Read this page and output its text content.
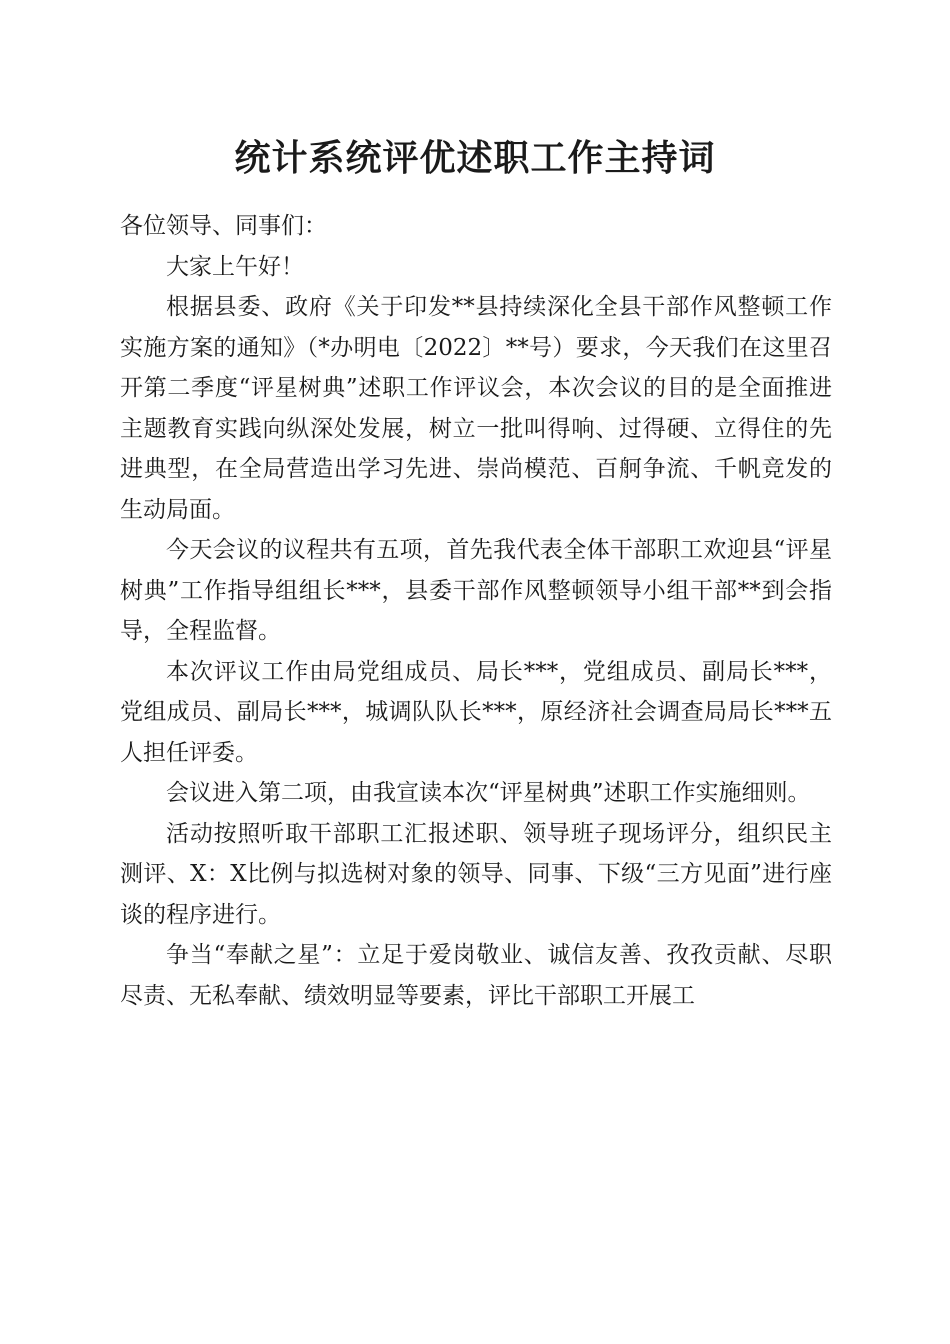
统计系统评优述职工作主持词

各位领导、同事们：

大家上午好！

根据县委、政府《关于印发**县持续深化全县干部作风整顿工作实施方案的通知》（*办明电〔2022〕**号）要求，今天我们在这里召开第二季度“评星树典”述职工作评议会，本次会议的目的是全面推进主题教育实践向纵深处发展，树立一批叫得响、过得硬、立得住的先进典型，在全局营造出学习先进、崇尚模范、百舸争流、千帆竞发的生动局面。

今天会议的议程共有五项，首先我代表全体干部职工欢迎县“评星树典”工作指导组组长***，县委干部作风整顿领导小组干部**到会指导，全程监督。

本次评议工作由局党组成员、局长***，党组成员、副局长***，党组成员、副局长***，城调队队长***，原经济社会调查局局长***五人担任评委。

会议进入第二项，由我宣读本次“评星树典”述职工作实施细则。

活动按照听取干部职工汇报述职、领导班子现场评分，组织民主测评、X：X比例与拟选树对象的领导、同事、下级“三方见面”进行座谈的程序进行。

争当“奉献之星”：立足于爱岗敬业、诚信友善、孜孜贡献、尽职尽责、无私奉献、绩效明显等要素，评比干部职工开展工
